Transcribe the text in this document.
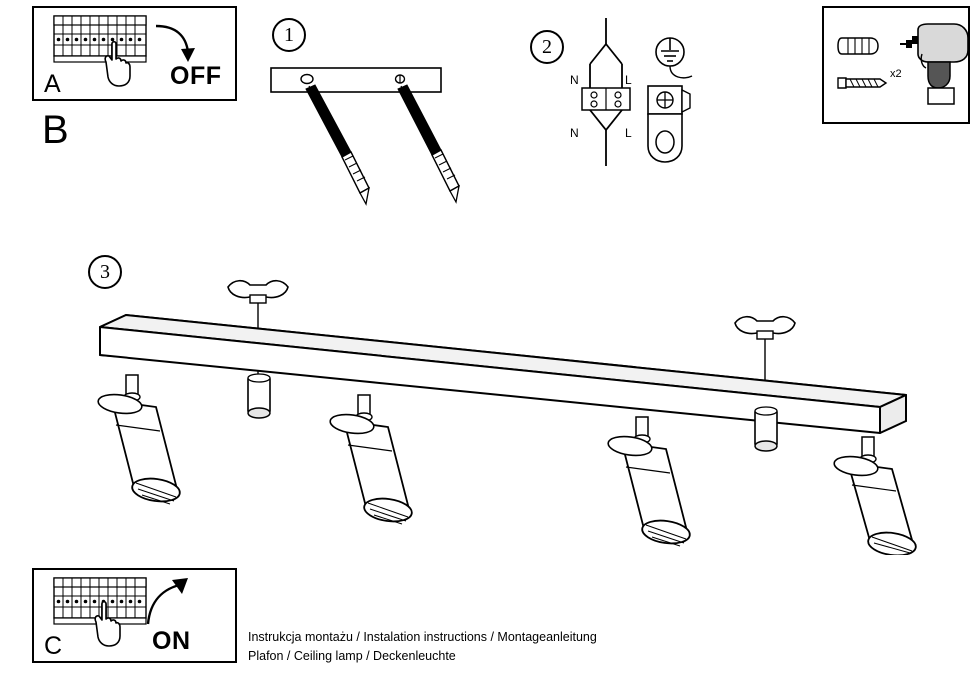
A	OFF
B
1
2
N	L
N	L
x2
3
C	ON	Instrukcja montażu / Instalation instructions / Montageanleitung
Plafon / Ceiling lamp / Deckenleuchte
